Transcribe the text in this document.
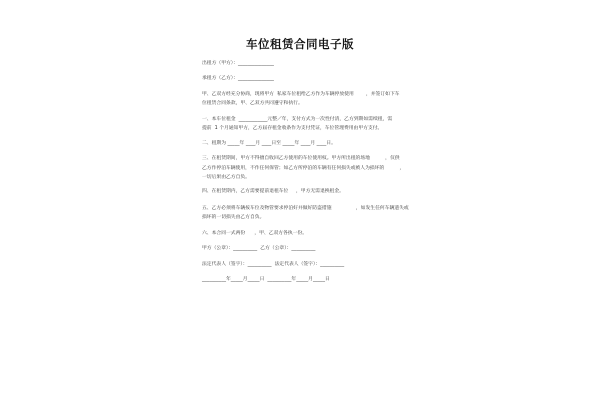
车位租赁合同电子版
出租方（甲方）：_______________
承租方（乙方）：_______________
甲、乙双方经充分协商，现将甲方  私家车位租给乙方作为车辆停放使用        ，并签订如下车
位租赁合同条款，甲、乙双方共同遵守和执行。
一、本车位租金  ____________元整／年，支付方式为一次性付清，乙方到期如需续租，需
提前  1 个月通知甲方，乙方届存租金收条作为支付凭证，车位管理费用由甲方支付。
二、租期为 _____年 ____月 ____日至 _____年 ____月 ____日。
三、在租赁期间，甲方不得擅自收回乙方使用的车位使用权。甲方所出租的场地          ，仅供
乙方作停泊车辆使用，不作任何保管；如乙方所停泊的车辆有任何损失或被人为损坏的          ，
一切后果由乙方自负。
四、在租赁期内，乙方需要提前退租车位     ，甲方无需退换租金。
五、乙方必须将车辆按车位及物管要求停泊好并做好防盗措施                ，如发生任何车辆遗失或
损坏的一切损失由乙方自负。
六、本合同一式两份      ，甲、乙双方各执一份。
甲方（公章）：__________  乙方（公章）：__________
法定代表人（签字）：__________  法定代表人（签字）：__________
__________年_____月_____日  __________年_____月_____日
